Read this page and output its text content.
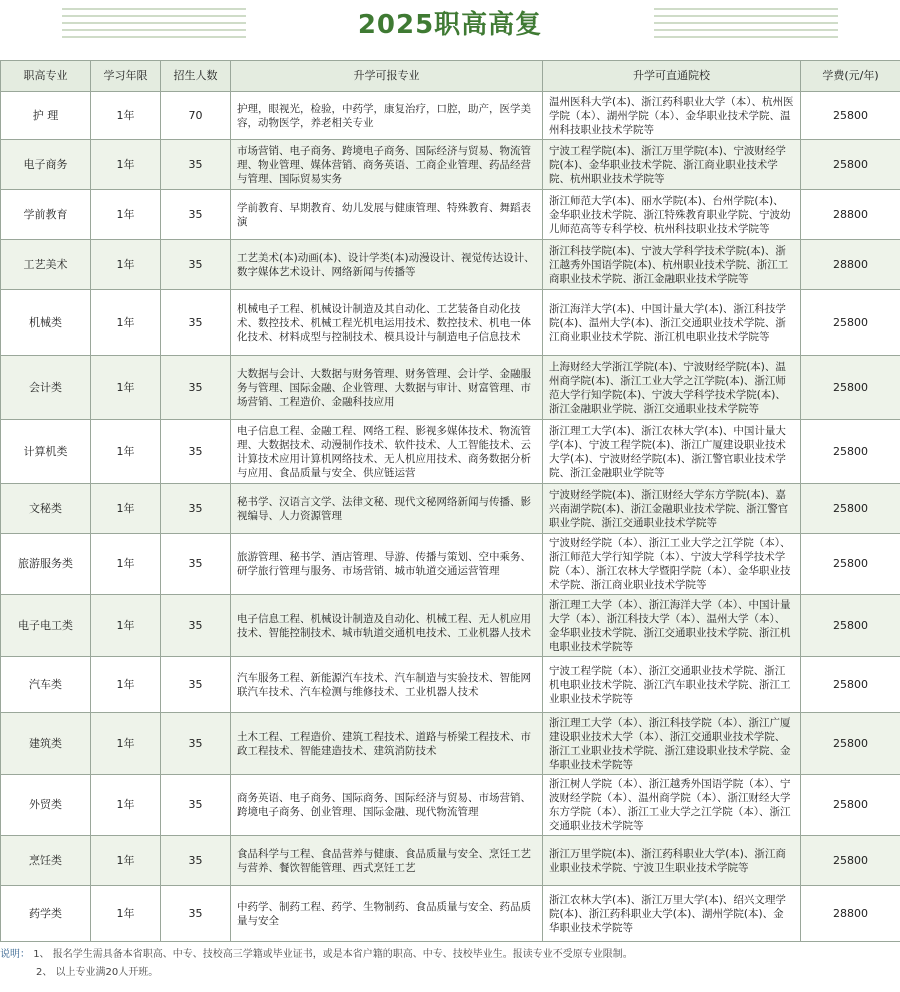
2025职高高复
职高专业	学习年限	招生人数	升学可报专业	升学可直通院校	学费(元/年)
护 理	1年	70	护理，眼视光，检验，中药学，康复治疗，口腔，助产，医学美容，动物医学，养老相关专业	温州医科大学(本)、浙江药科职业大学（本）、杭州医学院（本）、湖州学院（本）、金华职业技术学院、温州科技职业技术学院等	25800
电子商务	1年	35	市场营销、电子商务、跨境电子商务、国际经济与贸易、物流管理、物业管理、媒体营销、商务英语、工商企业管理、药品经营与管理、国际贸易实务	宁波工程学院(本)、浙江万里学院(本)、宁波财经学院(本)、金华职业技术学院、浙江商业职业技术学院、杭州职业技术学院等	25800
学前教育	1年	35	学前教育、早期教育、幼儿发展与健康管理、特殊教育、舞蹈表演	浙江师范大学(本)、丽水学院(本)、台州学院(本)、金华职业技术学院、浙江特殊教育职业学院、宁波幼儿师范高等专科学校、杭州科技职业技术学院等	28800
工艺美术	1年	35	工艺美术(本)动画(本)、设计学类(本)动漫设计、视觉传达设计、数字媒体艺术设计、网络新闻与传播等	浙江科技学院(本)、宁波大学科学技术学院(本)、浙江越秀外国语学院(本)、杭州职业技术学院、浙江工商职业技术学院、浙江金融职业技术学院等	28800
机械类	1年	35	机械电子工程、机械设计制造及其自动化、工艺装备自动化技术、数控技术、机械工程光机电运用技术、数控技术、机电一体化技术、材料成型与控制技术、模具设计与制造电子信息技术	浙江海洋大学(本)、中国计量大学(本)、浙江科技学院(本)、温州大学(本)、浙江交通职业技术学院、浙江商业职业技术学院、浙江机电职业技术学院等	25800
会计类	1年	35	大数据与会计、大数据与财务管理、财务管理、会计学、金融服务与管理、国际金融、企业管理、大数据与审计、财富管理、市场营销、工程造价、金融科技应用	上海财经大学浙江学院(本)、宁波财经学院(本)、温州商学院(本)、浙江工业大学之江学院(本)、浙江师范大学行知学院(本)、宁波大学科学技术学院(本)、浙江金融职业学院、浙江交通职业技术学院等	25800
计算机类	1年	35	电子信息工程、金融工程、网络工程、影视多媒体技术、物流管理、大数据技术、动漫制作技术、软件技术、人工智能技术、云计算技术应用计算机网络技术、无人机应用技术、商务数据分析与应用、食品质量与安全、供应链运营	浙江理工大学(本)、浙江农林大学(本)、中国计量大学(本)、宁波工程学院(本)、浙江广厦建设职业技术大学(本)、宁波财经学院(本)、浙江警官职业技术学院、浙江金融职业学院等	25800
文秘类	1年	35	秘书学、汉语言文学、法律文秘、现代文秘网络新闻与传播、影视编导、人力资源管理	宁波财经学院(本)、浙江财经大学东方学院(本)、嘉兴南湖学院(本)、浙江金融职业技术学院、浙江警官职业学院、浙江交通职业技术学院等	25800
旅游服务类	1年	35	旅游管理、秘书学、酒店管理、导游、传播与策划、空中乘务、研学旅行管理与服务、市场营销、城市轨道交通运营管理	宁波财经学院（本）、浙江工业大学之江学院（本）、浙江师范大学行知学院（本）、宁波大学科学技术学院（本）、浙江农林大学暨阳学院（本）、金华职业技术学院、浙江商业职业技术学院等	25800
电子电工类	1年	35	电子信息工程、机械设计制造及自动化、机械工程、无人机应用技术、智能控制技术、城市轨道交通机电技术、工业机器人技术	浙江理工大学（本）、浙江海洋大学（本）、中国计量大学（本）、浙江科技大学（本）、温州大学（本）、金华职业技术学院、浙江交通职业技术学院、浙江机电职业技术学院等	25800
汽车类	1年	35	汽车服务工程、新能源汽车技术、汽车制造与实验技术、智能网联汽车技术、汽车检测与维修技术、工业机器人技术	宁波工程学院（本）、浙江交通职业技术学院、浙江机电职业技术学院、浙江汽车职业技术学院、浙江工业职业技术学院等	25800
建筑类	1年	35	土木工程、工程造价、建筑工程技术、道路与桥梁工程技术、市政工程技术、智能建造技术、建筑消防技术	浙江理工大学（本）、浙江科技学院（本）、浙江广厦建设职业技术大学（本）、浙江交通职业技术学院、浙江工业职业技术学院、浙江建设职业技术学院、金华职业技术学院等	25800
外贸类	1年	35	商务英语、电子商务、国际商务、国际经济与贸易、市场营销、跨境电子商务、创业管理、国际金融、现代物流管理	浙江树人学院（本）、浙江越秀外国语学院（本）、宁波财经学院（本）、温州商学院（本）、浙江财经大学东方学院（本）、浙江工业大学之江学院（本）、浙江交通职业技术学院等	25800
烹饪类	1年	35	食品科学与工程、食品营养与健康、食品质量与安全、烹饪工艺与营养、餐饮智能管理、西式烹饪工艺	浙江万里学院(本)、浙江药科职业大学(本)、浙江商业职业技术学院、宁波卫生职业技术学院等	25800
药学类	1年	35	中药学、制药工程、药学、生物制药、食品质量与安全、药品质量与安全	浙江农林大学(本)、浙江万里大学(本)、绍兴文理学院(本)、浙江药科职业大学(本)、湖州学院(本)、金华职业技术学院等	28800
说明： 1、 报名学生需具备本省职高、中专、技校高三学籍或毕业证书，或是本省户籍的职高、中专、技校毕业生。报读专业不受原专业限制。
2、 以上专业满20人开班。
